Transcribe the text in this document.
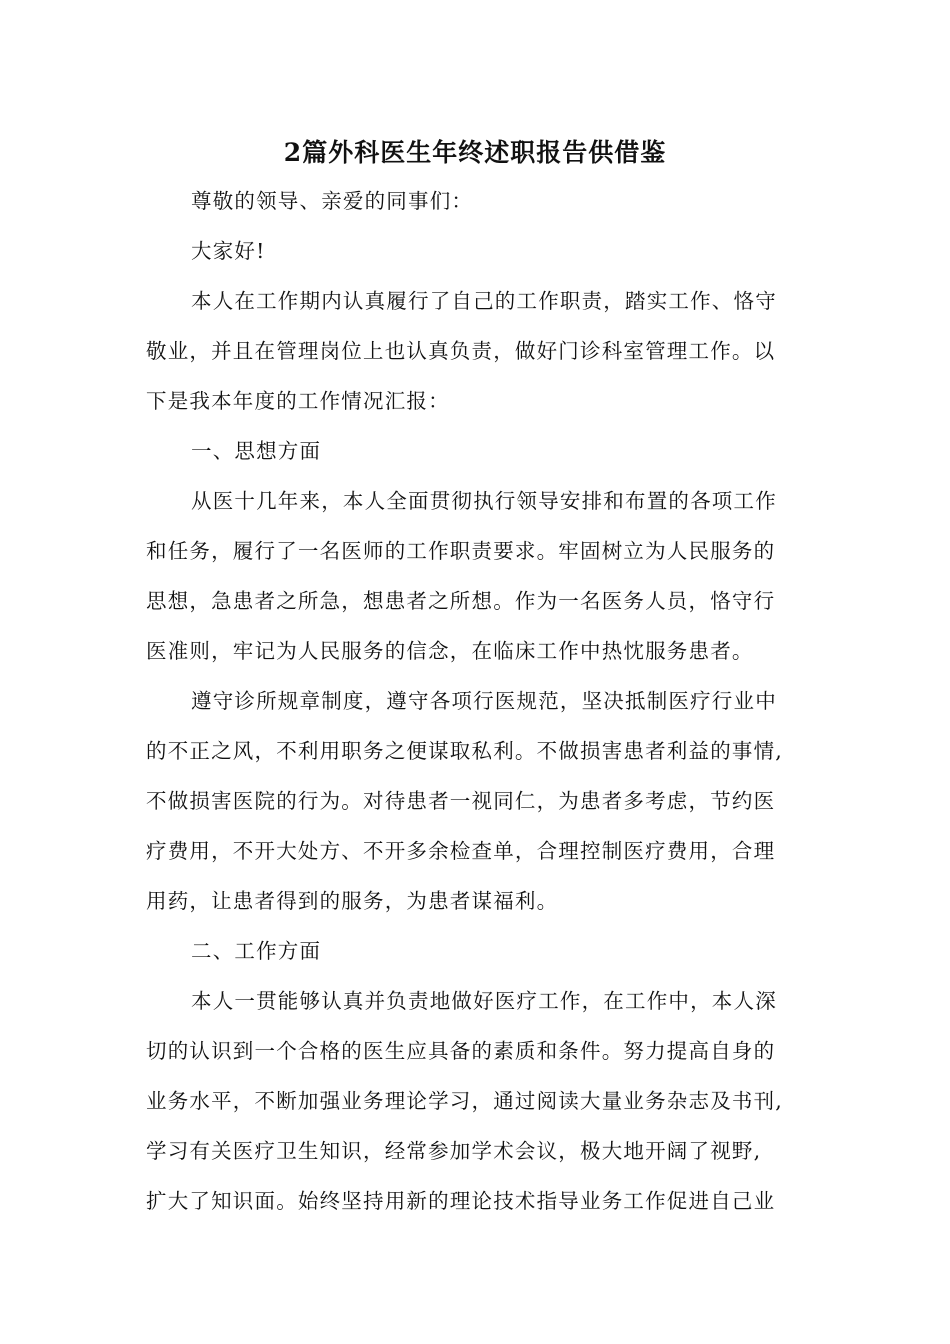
2篇外科医生年终述职报告供借鉴
尊敬的领导、亲爱的同事们：
大家好!
本人在工作期内认真履行了自己的工作职责，踏实工作、恪守
敬业，并且在管理岗位上也认真负责，做好门诊科室管理工作。以
下是我本年度的工作情况汇报：
一、思想方面
从医十几年来，本人全面贯彻执行领导安排和布置的各项工作
和任务，履行了一名医师的工作职责要求。牢固树立为人民服务的
思想，急患者之所急，想患者之所想。作为一名医务人员，恪守行
医准则，牢记为人民服务的信念，在临床工作中热忱服务患者。
遵守诊所规章制度，遵守各项行医规范，坚决抵制医疗行业中
的不正之风，不利用职务之便谋取私利。不做损害患者利益的事情,
不做损害医院的行为。对待患者一视同仁，为患者多考虑，节约医
疗费用，不开大处方、不开多余检查单，合理控制医疗费用，合理
用药，让患者得到的服务，为患者谋福利。
二、工作方面
本人一贯能够认真并负责地做好医疗工作，在工作中，本人深
切的认识到一个合格的医生应具备的素质和条件。努力提高自身的
业务水平，不断加强业务理论学习，通过阅读大量业务杂志及书刊,
学习有关医疗卫生知识，经常参加学术会议，极大地开阔了视野,
扩大了知识面。始终坚持用新的理论技术指导业务工作促进自己业
